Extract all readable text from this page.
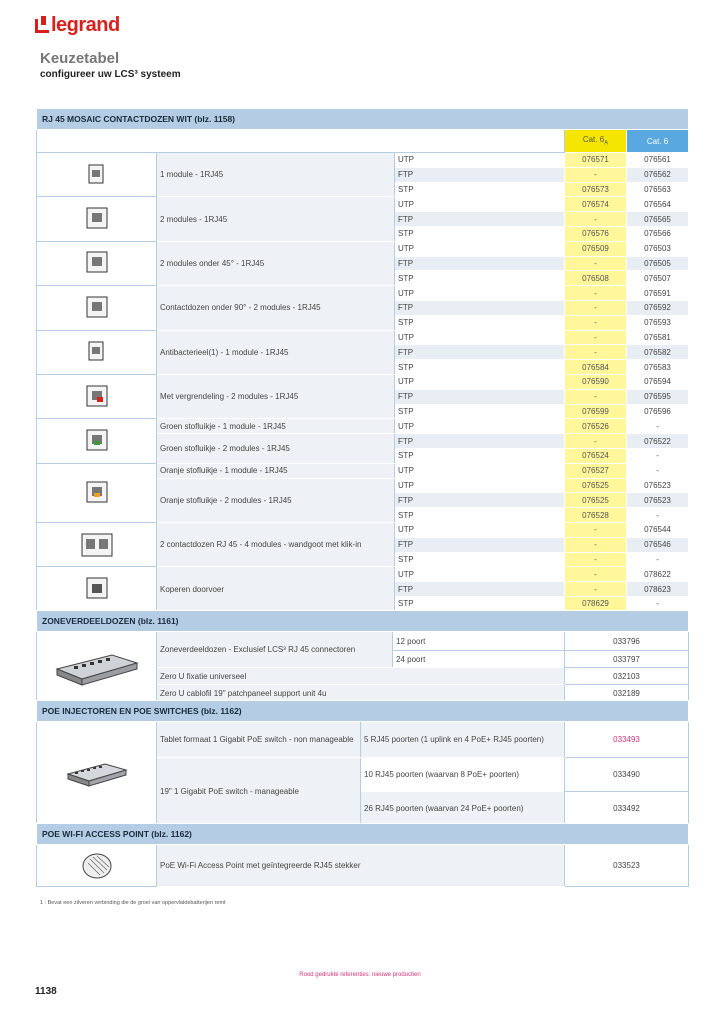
legrand
Keuzetabel
configureer uw LCS³ systeem
RJ 45 MOSAIC CONTACTDOZEN WIT (blz. 1158)				
			Cat. $6_A$	Cat. 6
	1 module - 1RJ45	UTP	076571	076561
		FTP	-	076562
		STP	076573	076563
	2 modules - 1RJ45	UTP	076574	076564
		FTP	-	076565
		STP	076576	076566
	2 modules onder 45° - 1RJ45	UTP	076509	076503
		FTP	-	076505
		STP	076508	076507
	Contactdozen onder 90° - 2 modules - 1RJ45	UTP	-	076591
		FTP	-	076592
		STP	-	076593
	Antibacterieel(1) - 1 module - 1RJ45	UTP	-	076581
		FTP	-	076582
		STP	076584	076583
	Met vergrendeling - 2 modules - 1RJ45	UTP	076590	076594
		FTP	-	076595
		STP	076599	076596
	Groen stofluikje - 1 module - 1RJ45	UTP	076526	-
	Groen stofluikje - 2 modules - 1RJ45	FTP	-	076522
		STP	076524	-
	Oranje stofluikje - 1 module - 1RJ45	UTP	076527	-
	Oranje stofluikje - 2 modules - 1RJ45	UTP	076525	076523
		FTP	076525	076523
		STP	076528	-
	2 contactdozen RJ 45 - 4 modules - wandgoot met klik-in	UTP	-	076544
		FTP	-	076546
		STP	-	-
	Koperen doorvoer	UTP	-	078622
		FTP	-	078623
		STP	078629	-
ZONEVERDEELDOZEN (blz. 1161)			
	Zoneverdeeldozen - Exclusief LCS³ RJ 45 connectoren	12 poort	033796
		24 poort	033797
	Zero U fixatie universeel		032103
	Zero U cablofil 19" patchpaneel support unit 4u		032189
POE INJECTOREN EN POE SWITCHES (blz. 1162)			
	Tablet formaat 1 Gigabit PoE switch - non manageable	5 RJ45 poorten (1 uplink en 4 PoE+ RJ45 poorten)	033493
	19" 1 Gigabit PoE switch - manageable	10 RJ45 poorten (waarvan 8 PoE+ poorten)	033490
		26 RJ45 poorten (waarvan 24 PoE+ poorten)	033492
POE WI-FI ACCESS POINT (blz. 1162)
	PoE Wi-Fi Access Point met geïntegreerde RJ45 stekker	033523
1 : Bevat een zilveren verbinding die de groei van oppervlaktebatterijen remt
Rood gedrukte referenties: nieuwe productien
1138
